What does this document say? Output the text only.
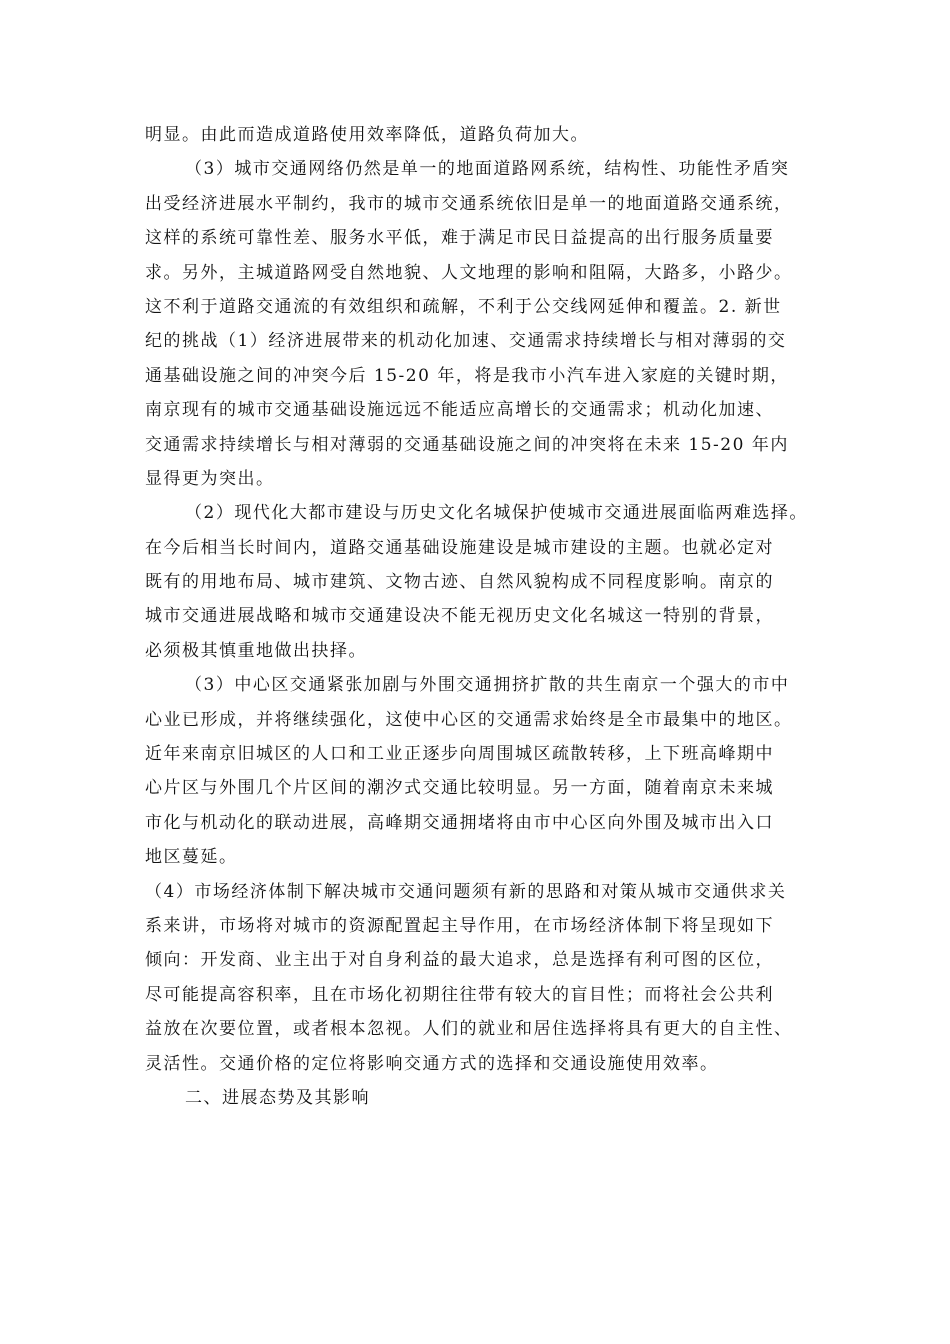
明显。由此而造成道路使用效率降低，道路负荷加大。
（3）城市交通网络仍然是单一的地面道路网系统，结构性、功能性矛盾突
出受经济进展水平制约，我市的城市交通系统依旧是单一的地面道路交通系统，
这样的系统可靠性差、服务水平低，难于满足市民日益提高的出行服务质量要
求。另外，主城道路网受自然地貌、人文地理的影响和阻隔，大路多，小路少。
这不利于道路交通流的有效组织和疏解，不利于公交线网延伸和覆盖。2. 新世
纪的挑战（1）经济进展带来的机动化加速、交通需求持续增长与相对薄弱的交
通基础设施之间的冲突今后 15-20 年，将是我市小汽车进入家庭的关键时期，
南京现有的城市交通基础设施远远不能适应高增长的交通需求；机动化加速、
交通需求持续增长与相对薄弱的交通基础设施之间的冲突将在未来 15-20 年内
显得更为突出。
（2）现代化大都市建设与历史文化名城保护使城市交通进展面临两难选择。
在今后相当长时间内，道路交通基础设施建设是城市建设的主题。也就必定对
既有的用地布局、城市建筑、文物古迹、自然风貌构成不同程度影响。南京的
城市交通进展战略和城市交通建设决不能无视历史文化名城这一特别的背景，
必须极其慎重地做出抉择。
（3）中心区交通紧张加剧与外围交通拥挤扩散的共生南京一个强大的市中
心业已形成，并将继续强化，这使中心区的交通需求始终是全市最集中的地区。
近年来南京旧城区的人口和工业正逐步向周围城区疏散转移，上下班高峰期中
心片区与外围几个片区间的潮汐式交通比较明显。另一方面，随着南京未来城
市化与机动化的联动进展，高峰期交通拥堵将由市中心区向外围及城市出入口
地区蔓延。
（4）市场经济体制下解决城市交通问题须有新的思路和对策从城市交通供求关
系来讲，市场将对城市的资源配置起主导作用，在市场经济体制下将呈现如下
倾向：开发商、业主出于对自身利益的最大追求，总是选择有利可图的区位，
尽可能提高容积率，且在市场化初期往往带有较大的盲目性；而将社会公共利
益放在次要位置，或者根本忽视。人们的就业和居住选择将具有更大的自主性、
灵活性。交通价格的定位将影响交通方式的选择和交通设施使用效率。
二、进展态势及其影响
